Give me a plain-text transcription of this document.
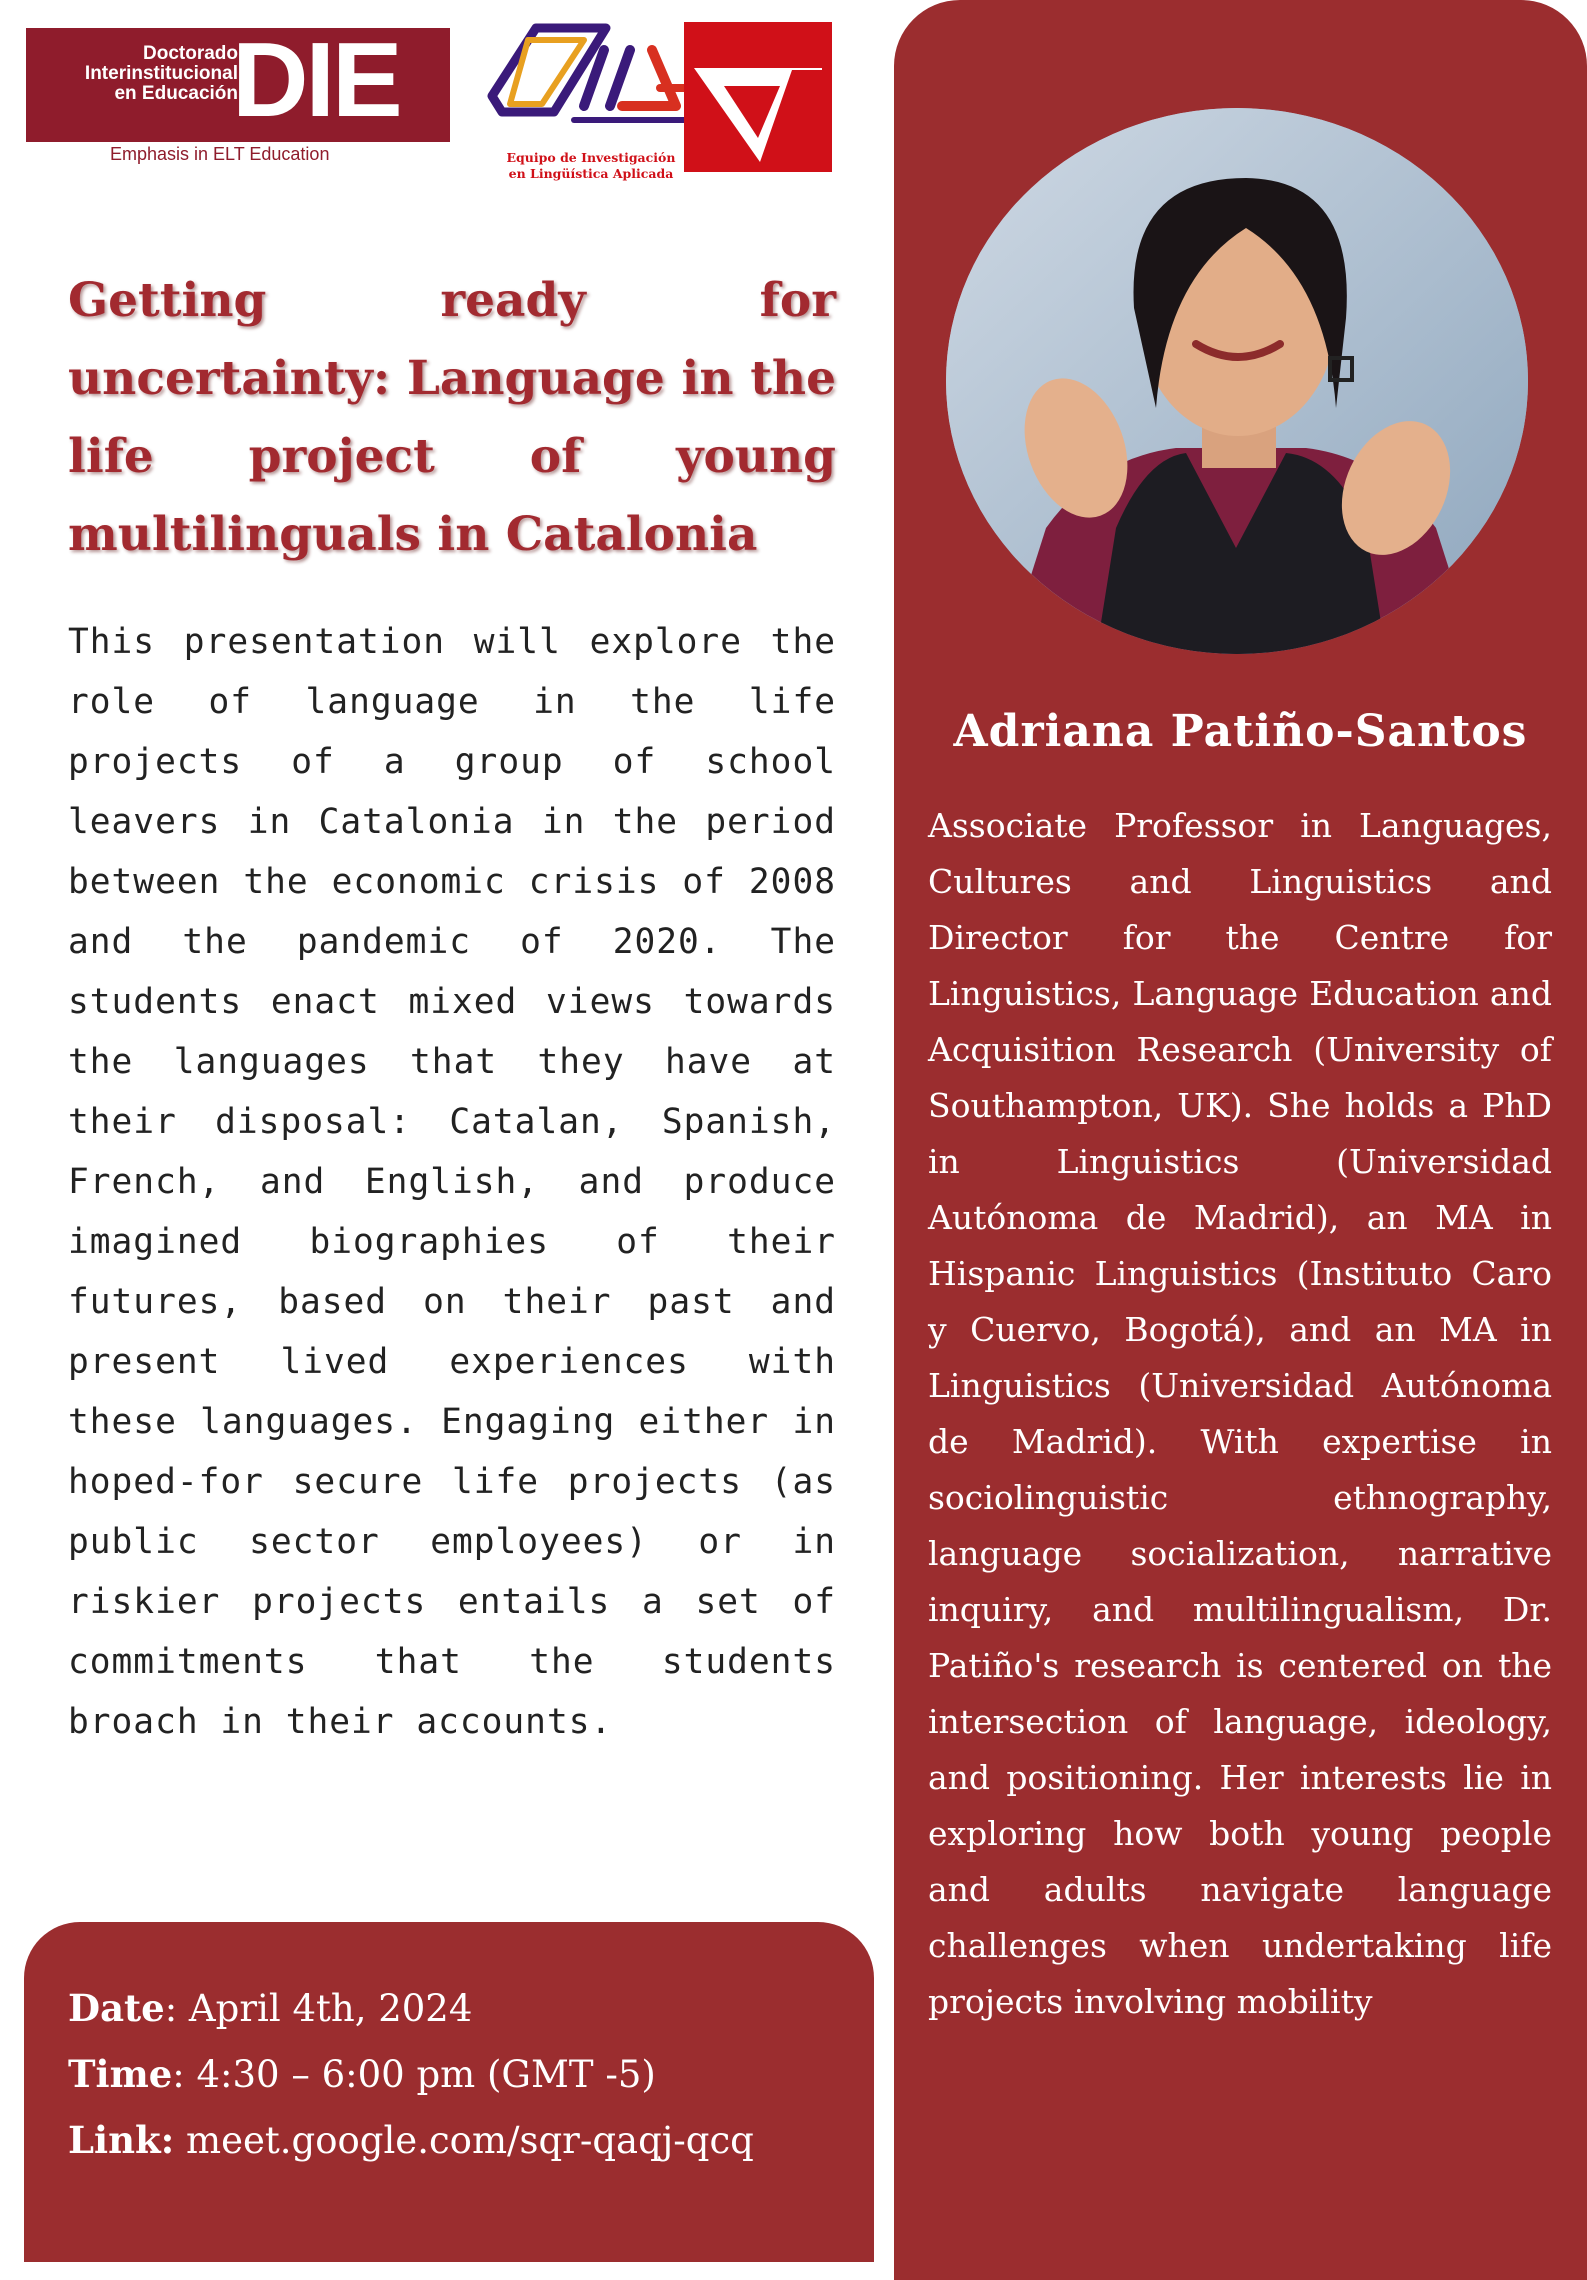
Doctorado
Interinstitucional
en Educación
DIE
Emphasis in ELT Education	Equipo de Investigación
en Lingüística Aplicada
Getting ready for uncertainty: Language in the life project of young multilinguals in Catalonia

This presentation will explore the role of language in the life projects of a group of school leavers in Catalonia in the period between the economic crisis of 2008 and the pandemic of 2020. The students enact mixed views towards the languages that they have at their disposal: Catalan, Spanish, French, and English, and produce imagined biographies of their futures, based on their past and present lived experiences with these languages. Engaging either in hoped-for secure life projects (as public sector employees) or in riskier projects entails a set of commitments that the students broach in their accounts.

Date: April 4th, 2024
Time: 4:30 – 6:00 pm (GMT -5)
Link: meet.google.com/sqr-qaqj-qcq
Adriana Patiño-Santos

Associate Professor in Languages, Cultures and Linguistics and Director for the Centre for Linguistics, Language Education and Acquisition Research (University of Southampton, UK). She holds a PhD in Linguistics (Universidad Autónoma de Madrid), an MA in Hispanic Linguistics (Instituto Caro y Cuervo, Bogotá), and an MA in Linguistics (Universidad Autónoma de Madrid). With expertise in sociolinguistic ethnography, language socialization, narrative inquiry, and multilingualism, Dr. Patiño's research is centered on the intersection of language, ideology, and positioning. Her interests lie in exploring how both young people and adults navigate language challenges when undertaking life projects involving mobility
